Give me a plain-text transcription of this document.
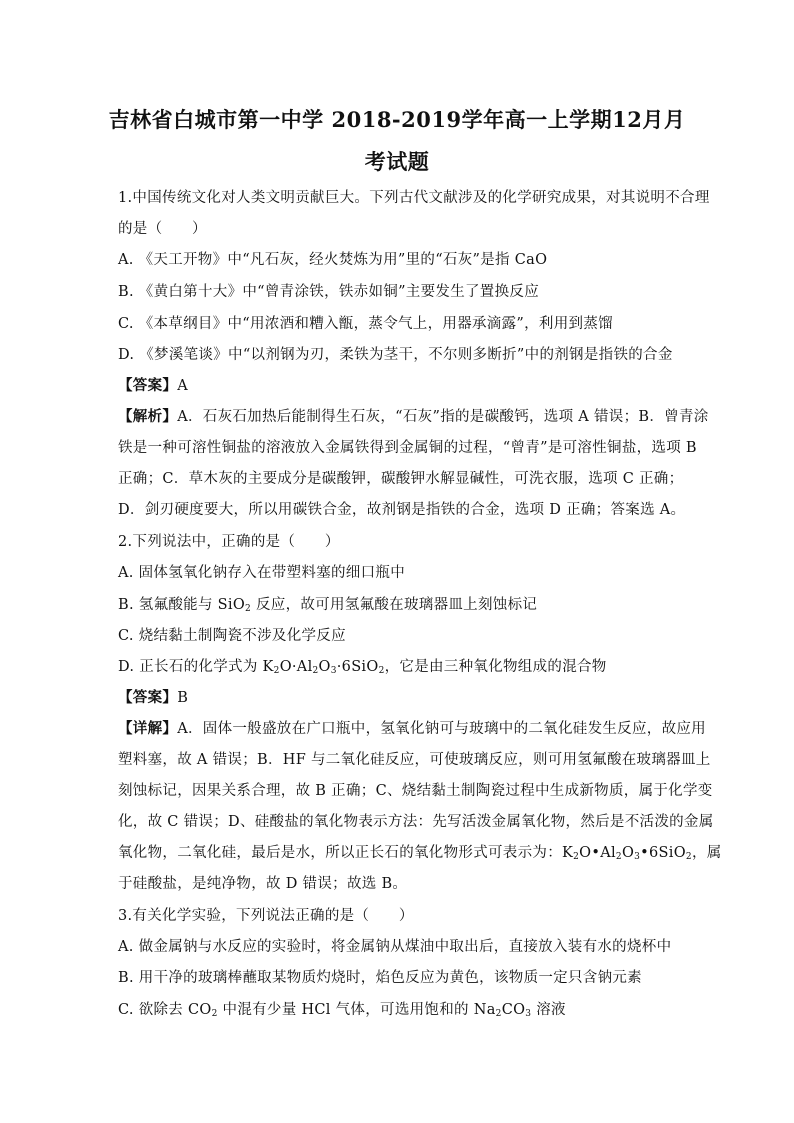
吉林省白城市第一中学 2018-2019学年高一上学期12月月
考试题
1.中国传统文化对人类文明贡献巨大。下列古代文献涉及的化学研究成果，对其说明不合理
的是（　　）
A. 《天工开物》中“凡石灰，经火焚炼为用”里的“石灰”是指 CaO
B. 《黄白第十大》中“曾青涂铁，铁赤如铜”主要发生了置换反应
C. 《本草纲目》中“用浓酒和糟入甑，蒸令气上，用器承滴露”，利用到蒸馏
D. 《梦溪笔谈》中“以剂钢为刃，柔铁为茎干，不尔则多断折”中的剂钢是指铁的合金
【答案】A
【解析】A．石灰石加热后能制得生石灰，“石灰”指的是碳酸钙，选项 A 错误；B．曾青涂
铁是一种可溶性铜盐的溶液放入金属铁得到金属铜的过程，“曾青”是可溶性铜盐，选项 B
正确；C．草木灰的主要成分是碳酸钾，碳酸钾水解显碱性，可洗衣服，选项 C 正确；
D．剑刃硬度要大，所以用碳铁合金，故剂钢是指铁的合金，选项 D 正确；答案选 A。
2.下列说法中，正确的是（　　）
A. 固体氢氧化钠存入在带塑料塞的细口瓶中
B. 氢氟酸能与 SiO$_2$ 反应，故可用氢氟酸在玻璃器皿上刻蚀标记
C. 烧结黏土制陶瓷不涉及化学反应
D. 正长石的化学式为 $K_2O\cdot Al_2O_3\cdot 6SiO_2$，它是由三种氧化物组成的混合物
【答案】B
【详解】A．固体一般盛放在广口瓶中，氢氧化钠可与玻璃中的二氧化硅发生反应，故应用
塑料塞，故 A 错误；B．HF 与二氧化硅反应，可使玻璃反应，则可用氢氟酸在玻璃器皿上
刻蚀标记，因果关系合理，故 B 正确；C、烧结黏土制陶瓷过程中生成新物质，属于化学变
化，故 C 错误；D、硅酸盐的氧化物表示方法：先写活泼金属氧化物，然后是不活泼的金属
氧化物，二氧化硅，最后是水，所以正长石的氧化物形式可表示为：$K_2O•Al_2O_3•6SiO_2$，属
于硅酸盐，是纯净物，故 D 错误；故选 B。
3.有关化学实验，下列说法正确的是（　　）
A. 做金属钠与水反应的实验时，将金属钠从煤油中取出后，直接放入装有水的烧杯中
B. 用干净的玻璃棒蘸取某物质灼烧时，焰色反应为黄色，该物质一定只含钠元素
C. 欲除去 $CO_2$ 中混有少量 HCl 气体，可选用饱和的 $Na_2CO_3$ 溶液
